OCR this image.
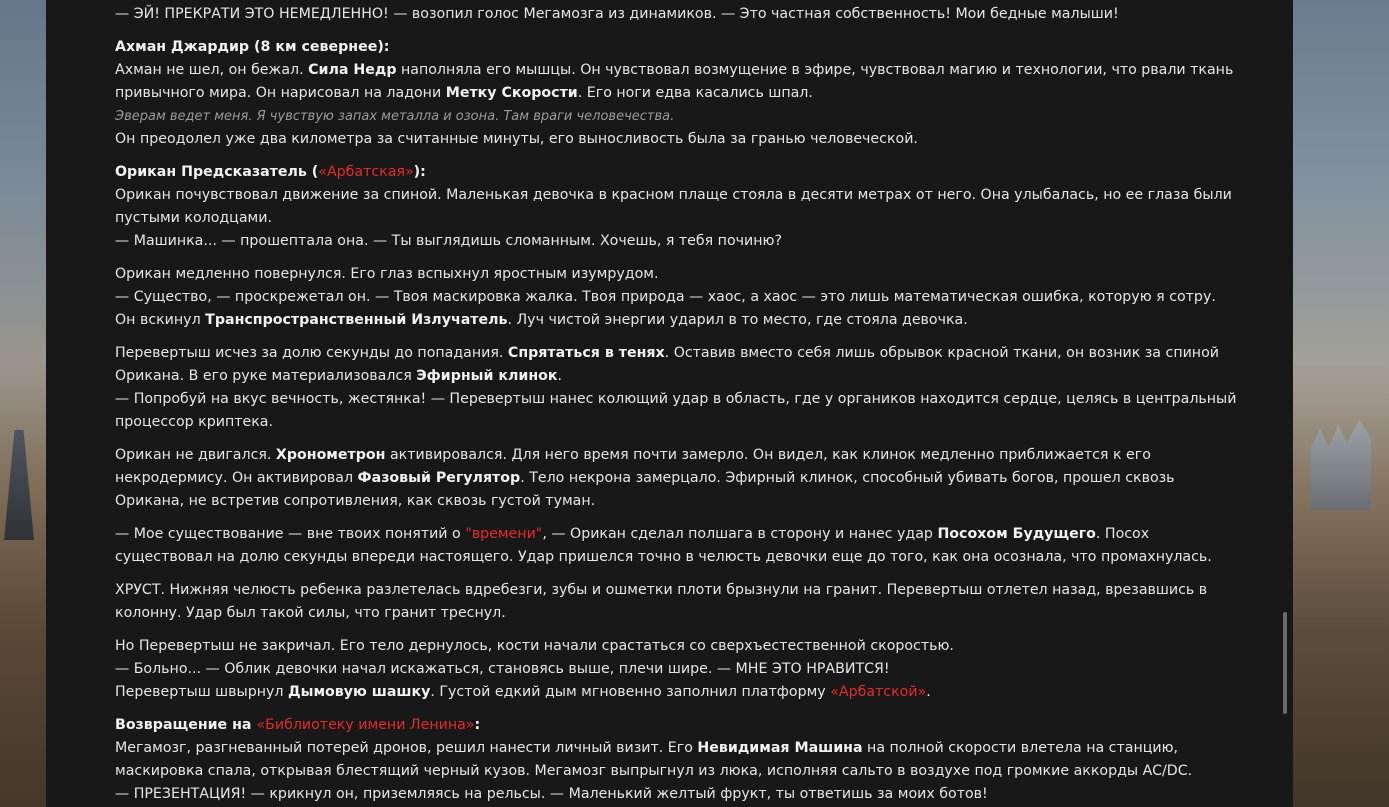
— ЭЙ! ПРЕКРАТИ ЭТО НЕМЕДЛЕННО! — возопил голос Мегамозга из динамиков. — Это частная собственность! Мои бедные малыши!

Ахман Джардир (8 км севернее):
Ахман не шел, он бежал. Сила Недр наполняла его мышцы. Он чувствовал возмущение в эфире, чувствовал магию и технологии, что рвали ткань привычного мира. Он нарисовал на ладони Метку Скорости. Его ноги едва касались шпал.
Эверам ведет меня. Я чувствую запах металла и озона. Там враги человечества.
Он преодолел уже два километра за считанные минуты, его выносливость была за гранью человеческой.

Орикан Предсказатель («Арбатская»):
Орикан почувствовал движение за спиной. Маленькая девочка в красном плаще стояла в десяти метрах от него. Она улыбалась, но ее глаза были пустыми колодцами.
— Машинка... — прошептала она. — Ты выглядишь сломанным. Хочешь, я тебя починю?

Орикан медленно повернулся. Его глаз вспыхнул яростным изумрудом.
— Существо, — проскрежетал он. — Твоя маскировка жалка. Твоя природа — хаос, а хаос — это лишь математическая ошибка, которую я сотру.
Он вскинул Транспространственный Излучатель. Луч чистой энергии ударил в то место, где стояла девочка.

Перевертыш исчез за долю секунды до попадания. Спрятаться в тенях. Оставив вместо себя лишь обрывок красной ткани, он возник за спиной Орикана. В его руке материализовался Эфирный клинок.
— Попробуй на вкус вечность, жестянка! — Перевертыш нанес колющий удар в область, где у органиков находится сердце, целясь в центральный процессор криптека.

Орикан не двигался. Хронометрон активировался. Для него время почти замерло. Он видел, как клинок медленно приближается к его некродермису. Он активировал Фазовый Регулятор. Тело некрона замерцало. Эфирный клинок, способный убивать богов, прошел сквозь Орикана, не встретив сопротивления, как сквозь густой туман.

— Мое существование — вне твоих понятий о "времени", — Орикан сделал полшага в сторону и нанес удар Посохом Будущего. Посох существовал на долю секунды впереди настоящего. Удар пришелся точно в челюсть девочки еще до того, как она осознала, что промахнулась.

ХРУСТ. Нижняя челюсть ребенка разлетелась вдребезги, зубы и ошметки плоти брызнули на гранит. Перевертыш отлетел назад, врезавшись в колонну. Удар был такой силы, что гранит треснул.

Но Перевертыш не закричал. Его тело дернулось, кости начали срастаться со сверхъестественной скоростью.
— Больно... — Облик девочки начал искажаться, становясь выше, плечи шире. — МНЕ ЭТО НРАВИТСЯ!
Перевертыш швырнул Дымовую шашку. Густой едкий дым мгновенно заполнил платформу «Арбатской».

Возвращение на «Библиотеку имени Ленина»:
Мегамозг, разгневанный потерей дронов, решил нанести личный визит. Его Невидимая Машина на полной скорости влетела на станцию, маскировка спала, открывая блестящий черный кузов. Мегамозг выпрыгнул из люка, исполняя сальто в воздухе под громкие аккорды AC/DC.
— ПРЕЗЕНТАЦИЯ! — крикнул он, приземляясь на рельсы. — Маленький желтый фрукт, ты ответишь за моих ботов!
